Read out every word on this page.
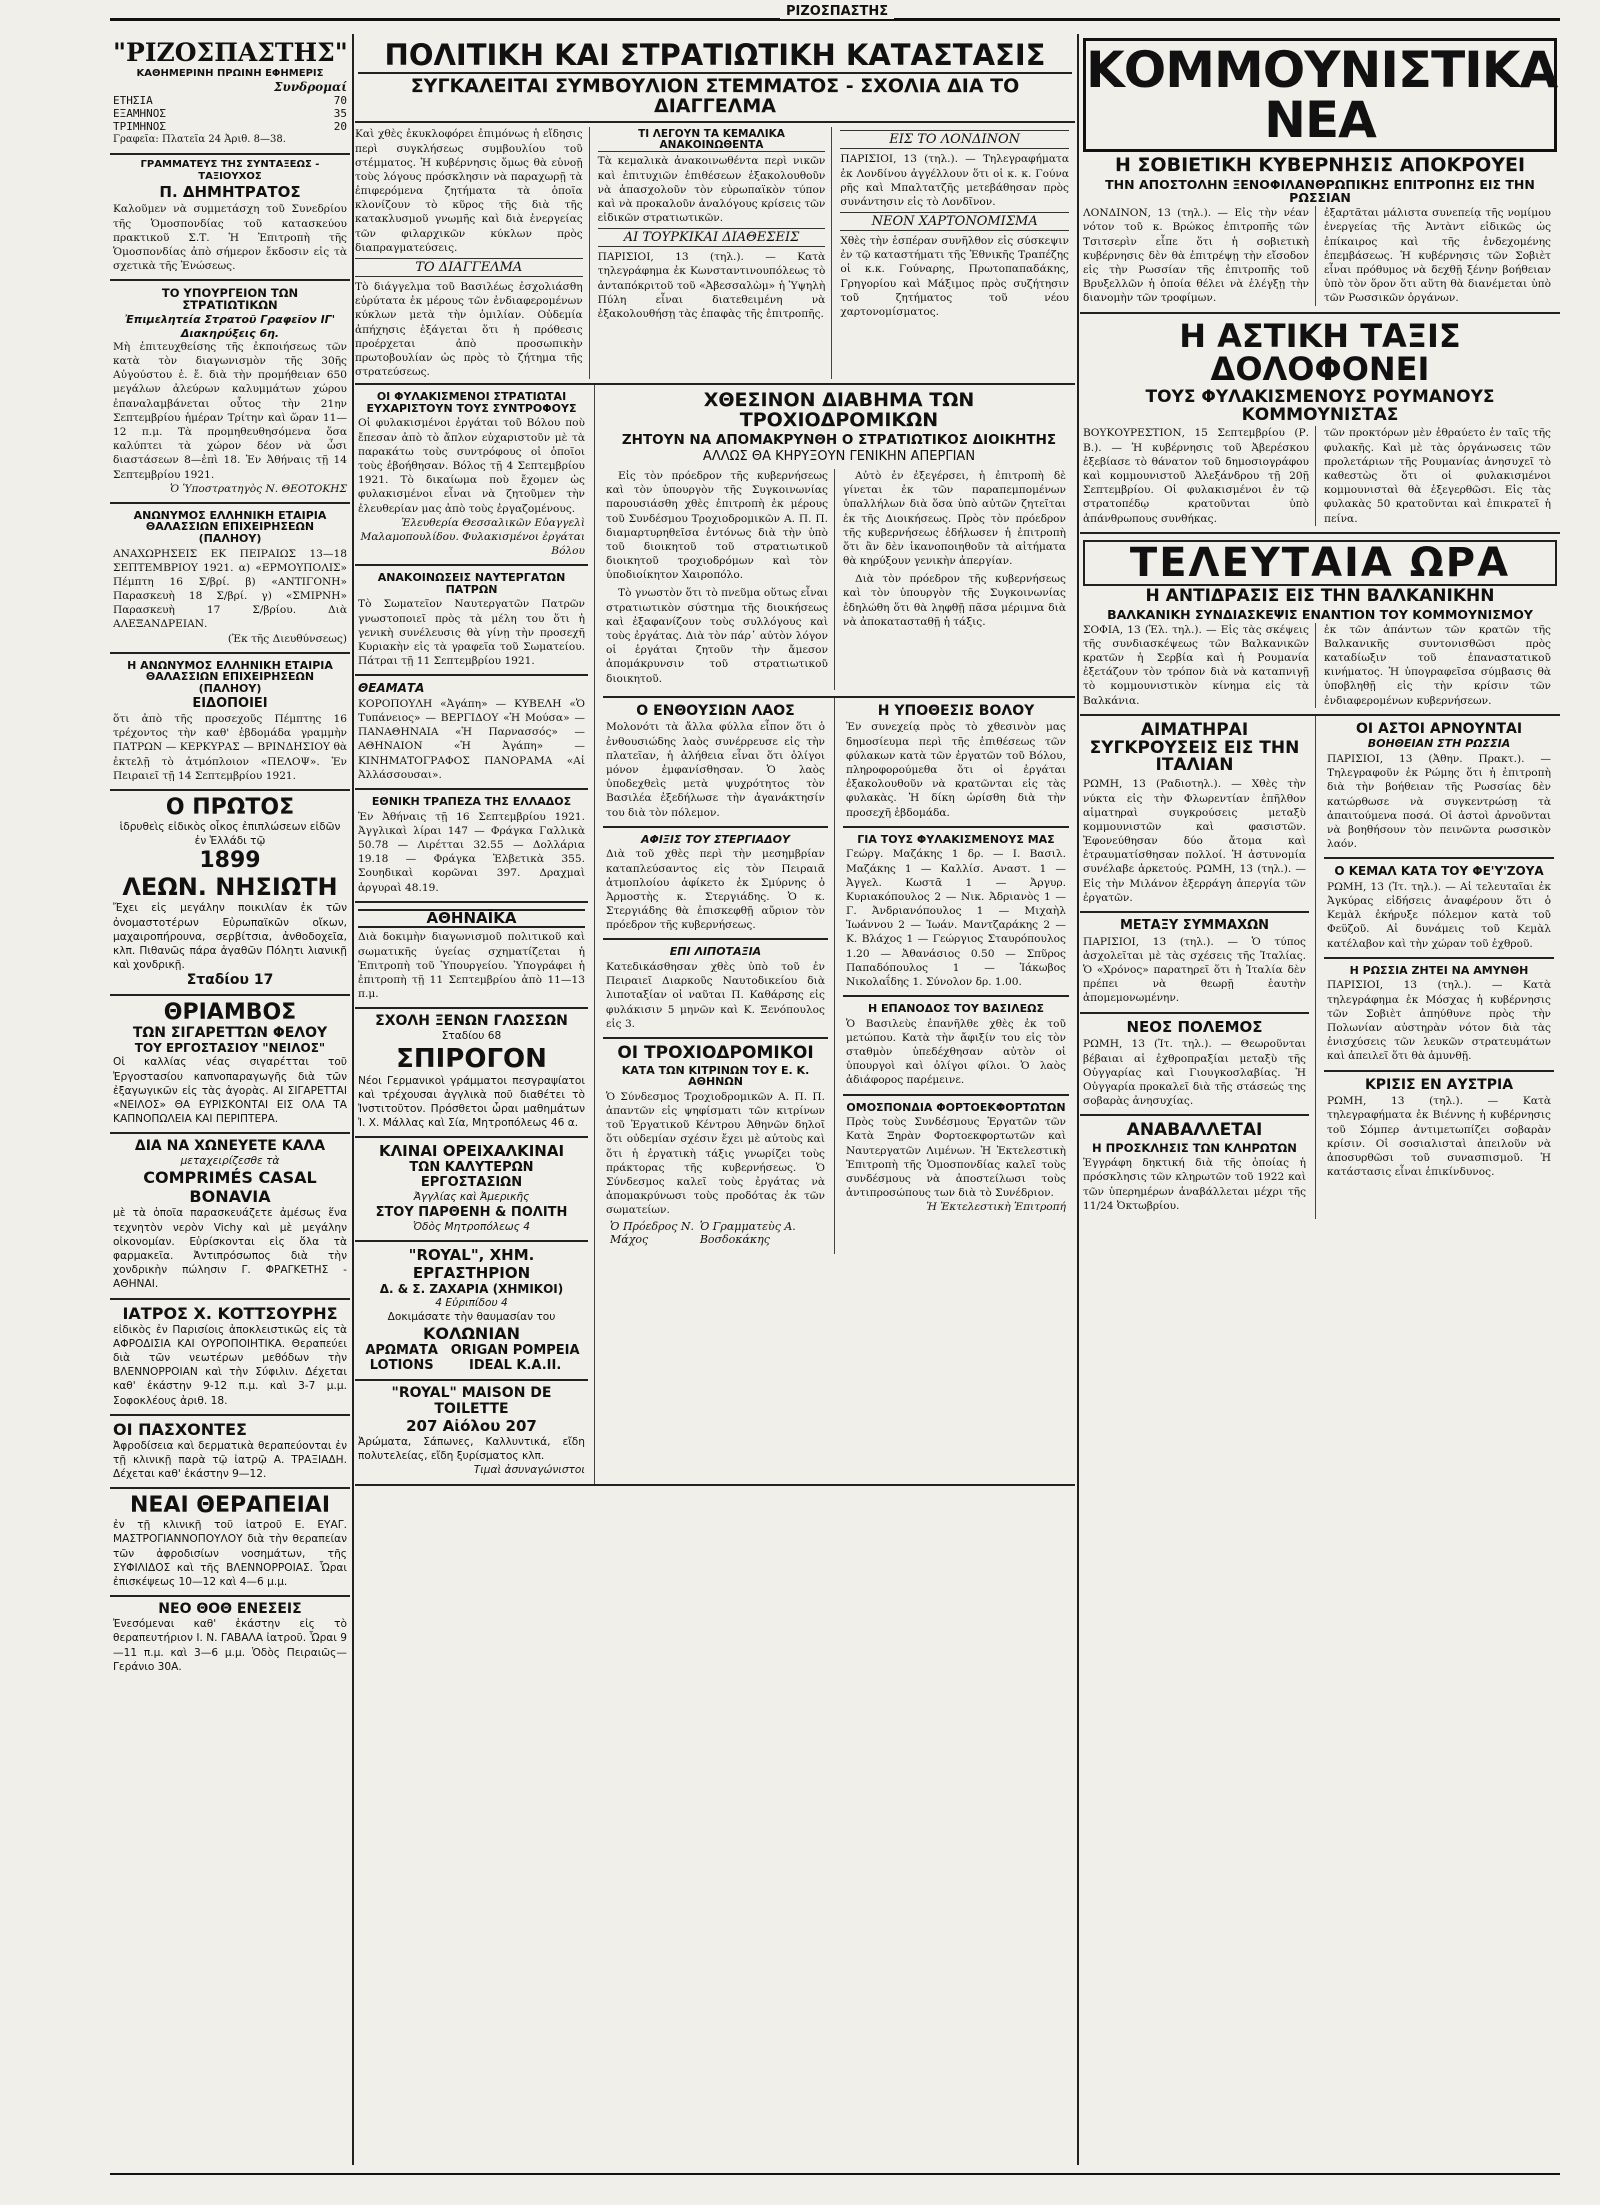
ΡΙΖΟΣΠΑΣΤΗΣ
"ΡΙΖΟΣΠΑΣΤΗΣ"
ΚΑΘΗΜΕΡΙΝΗ ΠΡΩΙΝΗ ΕΦΗΜΕΡΙΣ
Συνδρομαί
ΕΤΗΣΙΑ	70
ΕΞΑΜΗΝΟΣ	35
ΤΡΙΜΗΝΟΣ	20
Γραφεῖα: Πλατεῖα 24 Ἀριθ. 8—38.
ΓΡΑΜΜΑΤΕΥΣ ΤΗΣ ΣΥΝΤΑΞΕΩΣ - ΤΑΞΙΟΥΧΟΣ
Π. ΔΗΜΗΤΡΑΤΟΣ
Καλοῦμεν νὰ συμμετάσχη τοῦ Συνεδρίου τῆς Ὁμοσπονδίας τοῦ κατασκεύου πρακτικοῦ Σ.Τ. Ἡ Ἐπιτροπὴ τῆς Ὁμοσπονδίας ἀπὸ σήμερον ἔκδοσιν εἰς τὰ σχετικὰ τῆς Ἑνώσεως.
ΤΟ ΥΠΟΥΡΓΕΙΟΝ ΤΩΝ ΣΤΡΑΤΙΩΤΙΚΩΝ
Ἐπιμελητεία Στρατοῦ Γραφεῖον ΙΓ' Διακηρύξεις 6η.
Μὴ ἐπιτευχθείσης τῆς ἐκποιήσεως τῶν κατὰ τὸν διαγωνισμὸν τῆς 30ῆς Αὐγούστου ἐ. ἔ. διὰ τὴν προμήθειαν 650 μεγάλων ἀλεύρων καλυμμάτων χώρου ἐπαναλαμβάνεται οὗτος τὴν 21ην Σεπτεμβρίου ἡμέραν Τρίτην καὶ ὥραν 11—12 π.μ. Τὰ προμηθευθησόμενα ὅσα καλύπτει τὰ χώρον δέον νὰ ὦσι διαστάσεων 8—ἐπὶ 18. Ἐν Ἀθήναις τῇ 14 Σεπτεμβρίου 1921.
Ὁ Ὑποστρατηγὸς Ν. ΘΕΟΤΟΚΗΣ
ΑΝΩΝΥΜΟΣ ΕΛΛΗΝΙΚΗ ΕΤΑΙΡΙΑ ΘΑΛΑΣΣΙΩΝ ΕΠΙΧΕΙΡΗΣΕΩΝ (ΠΑΛΗΟΥ)
ΑΝΑΧΩΡΗΣΕΙΣ ΕΚ ΠΕΙΡΑΙΩΣ 13—18 ΣΕΠΤΕΜΒΡΙΟΥ 1921. α) «ΕΡΜΟΥΠΟΛΙΣ» Πέμπτη 16 Σ/βρί. β) «ΑΝΤΙΓΟΝΗ» Παρασκευὴ 18 Σ/βρί. γ) «ΣΜΙΡΝΗ» Παρασκευὴ 17 Σ/βρίου. Διὰ ΑΛΕΞΑΝΔΡΕΙΑΝ.
(Ἐκ τῆς Διευθύνσεως)
Η ΑΝΩΝΥΜΟΣ ΕΛΛΗΝΙΚΗ ΕΤΑΙΡΙΑ ΘΑΛΑΣΣΙΩΝ ΕΠΙΧΕΙΡΗΣΕΩΝ (ΠΑΛΗΟΥ)
ΕΙΔΟΠΟΙΕΙ
ὅτι ἀπὸ τῆς προσεχοῦς Πέμπτης 16 τρέχοντος τὴν καθ' ἑβδομάδα γραμμὴν ΠΑΤΡΩΝ — ΚΕΡΚΥΡΑΣ — ΒΡΙΝΔΗΣΙΟΥ θὰ ἐκτελῇ τὸ ἀτμόπλοιον «ΠΕΛΟΨ». Ἐν Πειραιεῖ τῇ 14 Σεπτεμβρίου 1921.
Ο ΠΡΩΤΟΣ
ἱδρυθεὶς εἰδικὸς οἶκος ἐπιπλώσεων εἰδῶν ἐν Ἑλλάδι τῷ
1899
ΛΕΩΝ. ΝΗΣΙΩΤΗ
Ἔχει εἰς μεγάλην ποικιλίαν ἐκ τῶν ὀνομαστοτέρων Εὐρωπαϊκῶν οἴκων, μαχαιροπήρουνα, σερβίτσια, ἀνθοδοχεῖα, κλπ. Πιθανῶς πάρα ἀγαθῶν Πόλητι λιανικῇ καὶ χονδρικῇ.
Σταδίου 17
ΘΡΙΑΜΒΟΣ
ΤΩΝ ΣΙΓΑΡΕΤΤΩΝ ΦΕΛΟΥ
ΤΟΥ ΕΡΓΟΣΤΑΣΙΟΥ "ΝΕΙΛΟΣ"
Οἱ καλλίας νέας σιγαρέτται τοῦ Ἐργοστασίου καπνοπαραγωγῆς διὰ τῶν ἐξαγωγικῶν εἰς τὰς ἀγορὰς. ΑΙ ΣΙΓΑΡΕΤΤΑΙ «ΝΕΙΛΟΣ» ΘΑ ΕΥΡΙΣΚΟΝΤΑΙ ΕΙΣ ΟΛΑ ΤΑ ΚΑΠΝΟΠΩΛΕΙΑ ΚΑΙ ΠΕΡΙΠΤΕΡΑ.
ΔΙΑ ΝΑ ΧΩΝΕΥΕΤΕ ΚΑΛΑ
μεταχειρίζεσθε τὰ
COMPRIMÉS CASAL BONAVIA
μὲ τὰ ὁποῖα παρασκευάζετε ἀμέσως ἕνα τεχνητὸν νερὸν Vichy καὶ μὲ μεγάλην οἰκονομίαν. Εὑρίσκονται εἰς ὅλα τὰ φαρμακεῖα. Ἀντιπρόσωπος διὰ τὴν χονδρικὴν πώλησιν Γ. ΦΡΑΓΚΕΤΗΣ - ΑΘΗΝΑΙ.
ΙΑΤΡΟΣ Χ. ΚΟΤΤΣΟΥΡΗΣ
εἰδικὸς ἐν Παρισίοις ἀποκλειστικῶς εἰς τὰ ΑΦΡΟΔΙΣΙΑ ΚΑΙ ΟΥΡΟΠΟΙΗΤΙΚΑ. Θεραπεύει διὰ τῶν νεωτέρων μεθόδων τὴν ΒΛΕΝΝΟΡΡΟΙΑΝ καὶ τὴν Σύφιλιν. Δέχεται καθ' ἑκάστην 9-12 π.μ. καὶ 3-7 μ.μ. Σοφοκλέους ἀριθ. 18.
ΟΙ ΠΑΣΧΟΝΤΕΣ
Ἀφροδίσεια καὶ δερματικὰ θεραπεύονται ἐν τῇ κλινικῇ παρὰ τῷ ἰατρῷ Α. ΤΡΑΞΙΑΔΗ. Δέχεται καθ' ἑκάστην 9—12.
ΝΕΑΙ ΘΕΡΑΠΕΙΑΙ
ἐν τῇ κλινικῇ τοῦ ἰατροῦ Ε. ΕΥΑΓ. ΜΑΣΤΡΟΓΙΑΝΝΟΠΟΥΛΟΥ διὰ τὴν θεραπείαν τῶν ἀφροδισίων νοσημάτων, τῆς ΣΥΦΙΛΙΔΟΣ καὶ τῆς ΒΛΕΝΝΟΡΡΟΙΑΣ. Ὧραι ἐπισκέψεως 10—12 καὶ 4—6 μ.μ.
ΝΕΟ ΘΟΘ ΕΝΕΣΕΙΣ
Ἐνεσόμεναι καθ' ἑκάστην εἰς τὸ θεραπευτήριον Ι. Ν. ΓΑΒΑΛΑ ἰατροῦ. Ὧραι 9—11 π.μ. καὶ 3—6 μ.μ. Ὁδὸς Πειραιῶς—Γεράνιο 30Α.
ΠΟΛΙΤΙΚΗ ΚΑΙ ΣΤΡΑΤΙΩΤΙΚΗ ΚΑΤΑΣΤΑΣΙΣ
ΣΥΓΚΑΛΕΙΤΑΙ ΣΥΜΒΟΥΛΙΟΝ ΣΤΕΜΜΑΤΟΣ - ΣΧΟΛΙΑ ΔΙΑ ΤΟ ΔΙΑΓΓΕΛΜΑ
Καὶ χθὲς ἐκυκλοφόρει ἐπιμόνως ἡ εἴδησις περὶ συγκλήσεως συμβουλίου τοῦ στέμματος. Ἡ κυβέρνησις ὅμως θὰ εὑνοῇ τοὺς λόγους πρόσκλησιν νὰ παραχωρῇ τὰ ἐπιφερόμενα ζητήματα τὰ ὁποῖα κλονίζουν τὸ κῦρος τῆς διὰ τῆς κατακλυσμοῦ γνωμῆς καὶ διὰ ἐνεργείας τῶν φιλαρχικῶν κύκλων πρὸς διαπραγματεύσεις.
ΤΟ ΔΙΑΓΓΕΛΜΑ
Τὸ διάγγελμα τοῦ Βασιλέως ἐσχολιάσθη εὐρύτατα ἐκ μέρους τῶν ἐνδιαφερομένων κύκλων μετὰ τὴν ὁμιλίαν. Οὐδεμία ἀπήχησις ἐξάγεται ὅτι ἡ πρόθεσις προέρχεται ἀπὸ προσωπικὴν πρωτοβουλίαν ὡς πρὸς τὸ ζήτημα τῆς στρατεύσεως.
ΤΙ ΛΕΓΟΥΝ ΤΑ ΚΕΜΑΛΙΚΑ ΑΝΑΚΟΙΝΩΘΕΝΤΑ
Τὰ κεμαλικὰ ἀνακοινωθέντα περὶ νικῶν καὶ ἐπιτυχιῶν ἐπιθέσεων ἐξακολουθοῦν νὰ ἀπασχολοῦν τὸν εὐρωπαϊκὸν τύπον καὶ νὰ προκαλοῦν ἀναλόγους κρίσεις τῶν εἰδικῶν στρατιωτικῶν.
ΑΙ ΤΟΥΡΚΙΚΑΙ ΔΙΑΘΕΣΕΙΣ
ΠΑΡΙΣΙΟΙ, 13 (τηλ.). — Κατὰ τηλεγράφημα ἐκ Κωνσταντινουπόλεως τὸ ἀνταπόκριτοῦ τοῦ «Ἀβεσσαλὼμ» ἡ Ὑψηλὴ Πύλη εἶναι διατεθειμένη νὰ ἐξακολουθήσῃ τὰς ἐπαφὰς τῆς ἐπιτροπῆς.
ΕΙΣ ΤΟ ΛΟΝΔΙΝΟΝ
ΠΑΡΙΣΙΟΙ, 13 (τηλ.). — Τηλεγραφήματα ἐκ Λονδίνου ἀγγέλλουν ὅτι οἱ κ. κ. Γούνα ρῆς καὶ Μπαλτατζῆς μετεβάθησαν πρὸς συνάντησιν εἰς τὸ Λονδῖνον.
ΝΕΟΝ ΧΑΡΤΟΝΟΜΙΣΜΑ
Χθὲς τὴν ἑσπέραν συνῆλθον εἰς σύσκεψιν ἐν τῷ καταστήματι τῆς Ἐθνικῆς Τραπέζης οἱ κ.κ. Γούναρης, Πρωτοπαπαδάκης, Γρηγορίου καὶ Μάξιμος πρὸς συζήτησιν τοῦ ζητήματος τοῦ νέου χαρτονομίσματος.
ΟΙ ΦΥΛΑΚΙΣΜΕΝΟΙ ΣΤΡΑΤΙΩΤΑΙ ΕΥΧΑΡΙΣΤΟΥΝ ΤΟΥΣ ΣΥΝΤΡΟΦΟΥΣ
Οἱ φυλακισμένοι ἐργάται τοῦ Βόλου ποὺ ἔπεσαν ἀπὸ τὸ ἄπλον εὐχαριστοῦν μὲ τὰ παρακάτω τοὺς συντρόφους οἱ ὁποῖοι τοὺς ἐβοήθησαν. Βόλος τῇ 4 Σεπτεμβρίου 1921. Τὸ δικαίωμα ποὺ ἔχομεν ὡς φυλακισμένοι εἶναι νὰ ζητοῦμεν τὴν ἐλευθερίαν μας ἀπὸ τοὺς ἐργαζομένους.
Ἐλευθερία Θεσσαλικῶν Εὐαγγελὶ Μαλαμοπουλίδου. Φυλακισμένοι ἐργάται Βόλου
ΑΝΑΚΟΙΝΩΣΕΙΣ ΝΑΥΤΕΡΓΑΤΩΝ ΠΑΤΡΩΝ
Τὸ Σωματεῖον Ναυτεργατῶν Πατρῶν γνωστοποιεῖ πρὸς τὰ μέλη του ὅτι ἡ γενικὴ συνέλευσις θὰ γίνῃ τὴν προσεχῆ Κυριακὴν εἰς τὰ γραφεῖα τοῦ Σωματείου. Πάτραι τῇ 11 Σεπτεμβρίου 1921.
ΘΕΑΜΑΤΑ
ΚΟΡΟΠΟΥΛΗ «Ἀγάπη» — ΚΥΒΕΛΗ «Ὁ Τυπάνειος» — ΒΕΡΓΙΔΟΥ «Ἡ Μούσα» — ΠΑΝΑΘΗΝΑΙΑ «Ἡ Παρνασσός» — ΑΘΗΝΑΙΟΝ «Ἡ Ἀγάπη» — ΚΙΝΗΜΑΤΟΓΡΑΦΟΣ ΠΑΝΟΡΑΜΑ «Αἱ Ἀλλάσσουσαι».
ΕΘΝΙΚΗ ΤΡΑΠΕΖΑ ΤΗΣ ΕΛΛΑΔΟΣ
Ἐν Ἀθήναις τῇ 16 Σεπτεμβρίου 1921. Ἀγγλικαὶ λίραι 147 — Φράγκα Γαλλικὰ 50.78 — Λιρέτται 32.55 — Δολλάρια 19.18 — Φράγκα Ἑλβετικὰ 355. Σουηδικαὶ κορῶναι 397. Δραχμαὶ ἀργυραὶ 48.19.
ΑΘΗΝΑΪΚΑ
Διὰ δοκιμὴν διαγωνισμοῦ πολιτικοῦ καὶ σωματικῆς ὑγείας σχηματίζεται ἡ Ἐπιτροπὴ τοῦ Ὑπουργείου. Ὑπογράφει ἡ ἐπιτροπὴ τῇ 11 Σεπτεμβρίου ἀπὸ 11—13 π.μ.
ΣΧΟΛΗ ΞΕΝΩΝ ΓΛΩΣΣΩΝ
Σταδίου 68
ΣΠΙΡΟΓΟΝ
Νέοι Γερμανικοὶ γράμματοι πεσγραψίατοι καὶ τρέχουσαι ἀγγλικὰ ποῦ διαθέτει τὸ Ἰνστιτοῦτον. Πρόσθετοι ὧραι μαθημάτων Ἰ. Χ. Μάλλας καὶ Σία, Μητροπόλεως 46 α.
ΚΛΙΝΑΙ ΟΡΕΙΧΑΛΚΙΝΑΙ
ΤΩΝ ΚΑΛΥΤΕΡΩΝ ΕΡΓΟΣΤΑΣΙΩΝ
Ἀγγλίας καὶ Ἀμερικῆς
ΣΤΟΥ ΠΑΡΘΕΝΗ & ΠΟΛΙΤΗ
Ὁδὸς Μητροπόλεως 4
"ROYAL", ΧΗΜ. ΕΡΓΑΣΤΗΡΙΟΝ
Δ. & Σ. ΖΑΧΑΡΙΑ (ΧΗΜΙΚΟΙ)
4 Εὐριπίδου 4
Δοκιμάσατε τὴν θαυμασίαν του
ΚΟΛΩΝΙΑΝ
ΑΡΩΜΑΤΑ LOTIONS
ORIGAN POMPEIA IDEAL K.A.II.
"ROYAL" MAISON DE TOILETTE
207 Αἰόλου 207
Ἀρώματα, Σάπωνες, Καλλυντικά, εἴδη πολυτελείας, εἴδη ξυρίσματος κλπ.
Τιμαὶ ἀσυναγώνιστοι
ΧΘΕΣΙΝΟΝ ΔΙΑΒΗΜΑ ΤΩΝ ΤΡΟΧΙΟΔΡΟΜΙΚΩΝ
ΖΗΤΟΥΝ ΝΑ ΑΠΟΜΑΚΡΥΝΘΗ Ο ΣΤΡΑΤΙΩΤΙΚΟΣ ΔΙΟΙΚΗΤΗΣ
ΑΛΛΩΣ ΘΑ ΚΗΡΥΞΟΥΝ ΓΕΝΙΚΗΝ ΑΠΕΡΓΙΑΝ

Εἰς τὸν πρόεδρον τῆς κυβερνήσεως καὶ τὸν ὑπουργὸν τῆς Συγκοινωνίας παρουσιάσθη χθὲς ἐπιτροπὴ ἐκ μέρους τοῦ Συνδέσμου Τροχιοδρομικῶν Α. Π. Π. διαμαρτυρηθεῖσα ἐντόνως διὰ τὴν ὑπὸ τοῦ διοικητοῦ τοῦ στρατιωτικοῦ διοικητοῦ τροχιοδρόμων καὶ τὸν ὑποδιοίκητον Χαιροπόλο.

Τὸ γνωστὸν ὅτι τὸ πνεῦμα οὕτως εἶναι στρατιωτικὸν σύστημα τῆς διοικήσεως καὶ ἐξαφανίζουν τοὺς συλλόγους καὶ τοὺς ἐργάτας. Διὰ τὸν πάρ᾽ αὐτὸν λόγον οἱ ἐργάται ζητοῦν τὴν ἄμεσον ἀπομάκρυνσιν τοῦ στρατιωτικοῦ διοικητοῦ.

Αὐτὸ ἐν ἐξεγέρσει, ἡ ἐπιτροπὴ δὲ γίνεται ἐκ τῶν παραπεμπομένων ὑπαλλήλων διὰ ὅσα ὑπὸ αὐτῶν ζητεῖται ἐκ τῆς Διοικήσεως. Πρὸς τὸν πρόεδρον τῆς κυβερνήσεως ἐδήλωσεν ἡ ἐπιτροπὴ ὅτι ἂν δὲν ἱκανοποιηθοῦν τὰ αἰτήματα θὰ κηρύξουν γενικὴν ἀπεργίαν.

Διὰ τὸν πρόεδρον τῆς κυβερνήσεως καὶ τὸν ὑπουργὸν τῆς Συγκοινωνίας ἐδηλώθη ὅτι θὰ ληφθῇ πᾶσα μέριμνα διὰ νὰ ἀποκατασταθῇ ἡ τάξις.

Ο ΕΝΘΟΥΣΙΩΝ ΛΑΟΣ
Μολονότι τὰ ἄλλα φύλλα εἶπον ὅτι ὁ ἐνθουσιώδης λαὸς συνέρρευσε εἰς τὴν πλατεῖαν, ἡ ἀλήθεια εἶναι ὅτι ὁλίγοι μόνον ἐμφανίσθησαν. Ὁ λαὸς ὑποδεχθεὶς μετὰ ψυχρότητος τὸν Βασιλέα ἐξεδήλωσε τὴν ἀγανάκτησίν του διὰ τὸν πόλεμον.
ΑΦΙΞΙΣ ΤΟΥ ΣΤΕΡΓΙΑΔΟΥ
Διὰ τοῦ χθὲς περὶ τὴν μεσημβρίαν καταπλεύσαντος εἰς τὸν Πειραιᾶ ἀτμοπλοίου ἀφίκετο ἐκ Σμύρνης ὁ Ἀρμοστὴς κ. Στεργιάδης. Ὁ κ. Στεργιάδης θὰ ἐπισκεφθῇ αὔριον τὸν πρόεδρον τῆς κυβερνήσεως.
ΕΠΙ ΛΙΠΟΤΑΞΙΑ
Κατεδικάσθησαν χθὲς ὑπὸ τοῦ ἐν Πειραιεῖ Διαρκοῦς Ναυτοδικείου διὰ λιποταξίαν οἱ ναῦται Π. Καθάρσης εἰς φυλάκισιν 5 μηνῶν καὶ Κ. Ξενόπουλος εἰς 3.
ΟΙ ΤΡΟΧΙΟΔΡΟΜΙΚΟΙ
ΚΑΤΑ ΤΩΝ ΚΙΤΡΙΝΩΝ ΤΟΥ Ε. Κ. ΑΘΗΝΩΝ
Ὁ Σύνδεσμος Τροχιοδρομικῶν Α. Π. Π. ἀπαντῶν εἰς ψηφίσματι τῶν κιτρίνων τοῦ Ἐργατικοῦ Κέντρου Ἀθηνῶν δηλοῖ ὅτι οὐδεμίαν σχέσιν ἔχει μὲ αὐτοὺς καὶ ὅτι ἡ ἐργατικὴ τάξις γνωρίζει τοὺς πράκτορας τῆς κυβερνήσεως. Ὁ Σύνδεσμος καλεῖ τοὺς ἐργάτας νὰ ἀπομακρύνωσι τοὺς προδότας ἐκ τῶν σωματείων.
Ὁ Πρόεδρος Ν. Μάχος
Ὁ Γραμματεὺς Α. Βοσδοκάκης
Η ΥΠΟΘΕΣΙΣ ΒΟΛΟΥ
Ἐν συνεχείᾳ πρὸς τὸ χθεσινὸν μας δημοσίευμα περὶ τῆς ἐπιθέσεως τῶν φύλακων κατὰ τῶν ἐργατῶν τοῦ Βόλου, πληροφορούμεθα ὅτι οἱ ἐργάται ἐξακολουθοῦν νὰ κρατῶνται εἰς τὰς φυλακὰς. Ἡ δίκη ὡρίσθη διὰ τὴν προσεχῆ ἑβδομάδα.
ΓΙΑ ΤΟΥΣ ΦΥΛΑΚΙΣΜΕΝΟΥΣ ΜΑΣ
Γεώργ. Μαζάκης 1 δρ. — Ι. Βασιλ. Μαζάκης 1 — Καλλίσ. Αναστ. 1 — Ἀγγελ. Κωστᾶ 1 — Ἀργυρ. Κυριακόπουλος 2 — Νικ. Ἀδριανὸς 1 — Γ. Ἀνδριανόπουλος 1 — Μιχαὴλ Ἰωάννου 2 — Ἰωάν. Μαντζαράκης 2 — Κ. Βλάχος 1 — Γεώργιος Σταυρόπουλος 1.20 — Ἀθανάσιος 0.50 — Σπῦρος Παπαδόπουλος 1 — Ἰάκωβος Νικολαΐδης 1. Σύνολον δρ. 1.00.
Η ΕΠΑΝΟΔΟΣ ΤΟΥ ΒΑΣΙΛΕΩΣ
Ὁ Βασιλεὺς ἐπανῆλθε χθὲς ἐκ τοῦ μετώπου. Κατὰ τὴν ἄφιξίν του εἰς τὸν σταθμὸν ὑπεδέχθησαν αὐτὸν οἱ ὑπουργοὶ καὶ ὀλίγοι φίλοι. Ὁ λαὸς ἀδιάφορος παρέμεινε.
ΟΜΟΣΠΟΝΔΙΑ ΦΟΡΤΟΕΚΦΟΡΤΩΤΩΝ
Πρὸς τοὺς Συνδέσμους Ἐργατῶν τῶν Κατὰ Ξηρὰν Φορτοεκφορτωτῶν καὶ Ναυτεργατῶν Λιμένων. Ἡ Ἐκτελεστικὴ Ἐπιτροπὴ τῆς Ὁμοσπονδίας καλεῖ τοὺς συνδέσμους νὰ ἀποστείλωσι τοὺς ἀντιπροσώπους των διὰ τὸ Συνέδριον.
Ἡ Ἐκτελεστικὴ Ἐπιτροπή
ΚΟΜΜΟΥΝΙΣΤΙΚΑ ΝΕΑ
Η ΣΟΒΙΕΤΙΚΗ ΚΥΒΕΡΝΗΣΙΣ ΑΠΟΚΡΟΥΕΙ
ΤΗΝ ΑΠΟΣΤΟΛΗΝ ΞΕΝΟΦΙΛΑΝΘΡΩΠΙΚΗΣ ΕΠΙΤΡΟΠΗΣ ΕΙΣ ΤΗΝ ΡΩΣΣΙΑΝ
ΛΟΝΔΙΝΟΝ, 13 (τηλ.). — Εἰς τὴν νέαν νότον τοῦ κ. Βρώκος ἐπιτροπῆς τῶν Τσιτσερὶν εἶπε ὅτι ἡ σοβιετικὴ κυβέρνησις δὲν θὰ ἐπιτρέψῃ τὴν εἴσοδον εἰς τὴν Ρωσσίαν τῆς ἐπιτροπῆς τοῦ Βρυξελλῶν ἡ ὁποία θέλει νὰ ἐλέγξῃ τὴν διανομὴν τῶν τροφίμων.
ἐξαρτᾶται μάλιστα συνεπείᾳ τῆς νομίμου ἐνεργείας τῆς Ἀντὰντ εἰδικῶς ὠς ἐπίκαιρος καὶ τῆς ἐνδεχομένης ἐπεμβάσεως. Ἡ κυβέρνησις τῶν Σοβιὲτ εἶναι πρόθυμος νὰ δεχθῇ ξένην βοήθειαν ὑπὸ τὸν ὅρον ὅτι αὕτη θὰ διανέμεται ὑπὸ τῶν Ρωσσικῶν ὀργάνων.
Η ΑΣΤΙΚΗ ΤΑΞΙΣ ΔΟΛΟΦΟΝΕΙ
ΤΟΥΣ ΦΥΛΑΚΙΣΜΕΝΟΥΣ ΡΟΥΜΑΝΟΥΣ ΚΟΜΜΟΥΝΙΣΤΑΣ
ΒΟΥΚΟΥΡΕΣΤΙΟΝ, 15 Σεπτεμβρίου (Ρ. Β.). — Ἡ κυβέρνησις τοῦ Ἀβερέσκου ἐξεβίασε τὸ θάνατον τοῦ δημοσιογράφου καὶ κομμουνιστοῦ Ἀλεξάνδρου τῇ 20ῇ Σεπτεμβρίου. Οἱ φυλακισμένοι ἐν τῷ στρατοπέδῳ κρατοῦνται ὑπὸ ἀπάνθρωπους συνθήκας.
τῶν προκτόρων μὲν ἐθραύετο ἐν ταῖς τῆς φυλακῆς. Καὶ μὲ τὰς ὀργάνωσεις τῶν προλετάριων τῆς Ρουμανίας ἀνησυχεῖ τὸ καθεστὼς ὅτι οἱ φυλακισμένοι κομμουνισταὶ θὰ ἐξεγερθῶσι. Εἰς τὰς φυλακὰς 50 κρατοῦνται καὶ ἐπικρατεῖ ἡ πείνα.
ΤΕΛΕΥΤΑΙΑ ΩΡΑ
Η ΑΝΤΙΔΡΑΣΙΣ ΕΙΣ ΤΗΝ ΒΑΛΚΑΝΙΚΗΝ
ΒΑΛΚΑΝΙΚΗ ΣΥΝΔΙΑΣΚΕΨΙΣ ΕΝΑΝΤΙΟΝ ΤΟΥ ΚΟΜΜΟΥΝΙΣΜΟΥ
ΣΟΦΙΑ, 13 (Ἑλ. τηλ.). — Εἰς τὰς σκέψεις τῆς συνδιασκέψεως τῶν Βαλκανικῶν κρατῶν ἡ Σερβία καὶ ἡ Ρουμανία ἐξετάζουν τὸν τρόπον διὰ νὰ καταπνιγῇ τὸ κομμουνιστικὸν κίνημα εἰς τὰ Βαλκάνια.
ἐκ τῶν ἁπάντων τῶν κρατῶν τῆς Βαλκανικῆς συντονισθῶσι πρὸς καταδίωξιν τοῦ ἐπαναστατικοῦ κινήματος. Ἡ ὑπογραφεῖσα σύμβασις θὰ ὑποβληθῇ εἰς τὴν κρίσιν τῶν ἐνδιαφερομένων κυβερνήσεων.
ΑΙΜΑΤΗΡΑΙ ΣΥΓΚΡΟΥΣΕΙΣ ΕΙΣ ΤΗΝ ΙΤΑΛΙΑΝ
ΡΩΜΗ, 13 (Ραδιοτηλ.). — Χθὲς τὴν νύκτα εἰς τὴν Φλωρεντίαν ἐπῆλθον αἱματηραὶ συγκρούσεις μεταξὺ κομμουνιστῶν καὶ φασιστῶν. Ἐφονεύθησαν δύο ἄτομα καὶ ἐτραυματίσθησαν πολλοί. Ἡ ἀστυνομία συνέλαβε ἀρκετούς. ΡΩΜΗ, 13 (τηλ.). — Εἰς τὴν Μιλάνον ἐξερράγη ἀπεργία τῶν ἐργατῶν.
ΜΕΤΑΞΥ ΣΥΜΜΑΧΩΝ
ΠΑΡΙΣΙΟΙ, 13 (τηλ.). — Ὁ τύπος ἀσχολεῖται μὲ τὰς σχέσεις τῆς Ἰταλίας. Ὁ «Χρόνος» παρατηρεῖ ὅτι ἡ Ἰταλία δὲν πρέπει νὰ θεωρῇ ἑαυτὴν ἀπομεμονωμένην.
ΝΕΟΣ ΠΟΛΕΜΟΣ
ΡΩΜΗ, 13 (Ἰτ. τηλ.). — Θεωροῦνται βέβαιαι αἱ ἐχθροπραξίαι μεταξὺ τῆς Οὐγγαρίας καὶ Γιουγκοσλαβίας. Ἡ Οὐγγαρία προκαλεῖ διὰ τῆς στάσεώς της σοβαρὰς ἀνησυχίας.
ΑΝΑΒΑΛΛΕΤΑΙ
Η ΠΡΟΣΚΛΗΣΙΣ ΤΩΝ ΚΛΗΡΩΤΩΝ
Ἐγγράφη δηκτική διὰ τῆς ὁποίας ἡ πρόσκλησις τῶν κληρωτῶν τοῦ 1922 καὶ τῶν ὑπερημέρων ἀναβάλλεται μέχρι τῆς 11/24 Ὀκτωβρίου.
ΟΙ ΑΣΤΟΙ ΑΡΝΟΥΝΤΑΙ
ΒΟΗΘΕΙΑΝ ΣΤΗ ΡΩΣΣΙΑ
ΠΑΡΙΣΙΟΙ, 13 (Ἀθην. Πρακτ.). — Τηλεγραφοῦν ἐκ Ρώμης ὅτι ἡ ἐπιτροπὴ διὰ τὴν βοήθειαν τῆς Ρωσσίας δὲν κατώρθωσε νὰ συγκεντρώσῃ τὰ ἀπαιτούμενα ποσά. Οἱ ἀστοὶ ἀρνοῦνται νὰ βοηθήσουν τὸν πεινῶντα ρωσσικὸν λαόν.
Ο ΚΕΜΑΛ ΚΑΤΑ ΤΟΥ ΦΕ'Υ'ΖΟΥΑ
ΡΩΜΗ, 13 (Ἰτ. τηλ.). — Αἱ τελευταῖαι ἐκ Ἀγκύρας εἰδήσεις ἀναφέρουν ὅτι ὁ Κεμὰλ ἐκήρυξε πόλεμον κατὰ τοῦ Φεϋζοῦ. Αἱ δυνάμεις τοῦ Κεμὰλ κατέλαβον καὶ τὴν χώραν τοῦ ἐχθροῦ.
Η ΡΩΣΣΙΑ ΖΗΤΕΙ ΝΑ ΑΜΥΝΘΗ
ΠΑΡΙΣΙΟΙ, 13 (τηλ.). — Κατὰ τηλεγράφημα ἐκ Μόσχας ἡ κυβέρνησις τῶν Σοβιὲτ ἀπηύθυνε πρὸς τὴν Πολωνίαν αὐστηρὰν νότον διὰ τὰς ἐνισχύσεις τῶν λευκῶν στρατευμάτων καὶ ἀπειλεῖ ὅτι θὰ ἀμυνθῇ.
ΚΡΙΣΙΣ ΕΝ ΑΥΣΤΡΙΑ
ΡΩΜΗ, 13 (τηλ.). — Κατὰ τηλεγραφήματα ἐκ Βιέννης ἡ κυβέρνησις τοῦ Σόμπερ ἀντιμετωπίζει σοβαρὰν κρίσιν. Οἱ σοσιαλισταὶ ἀπειλοῦν νὰ ἀποσυρθῶσι τοῦ συνασπισμοῦ. Ἡ κατάστασις εἶναι ἐπικίνδυνος.
